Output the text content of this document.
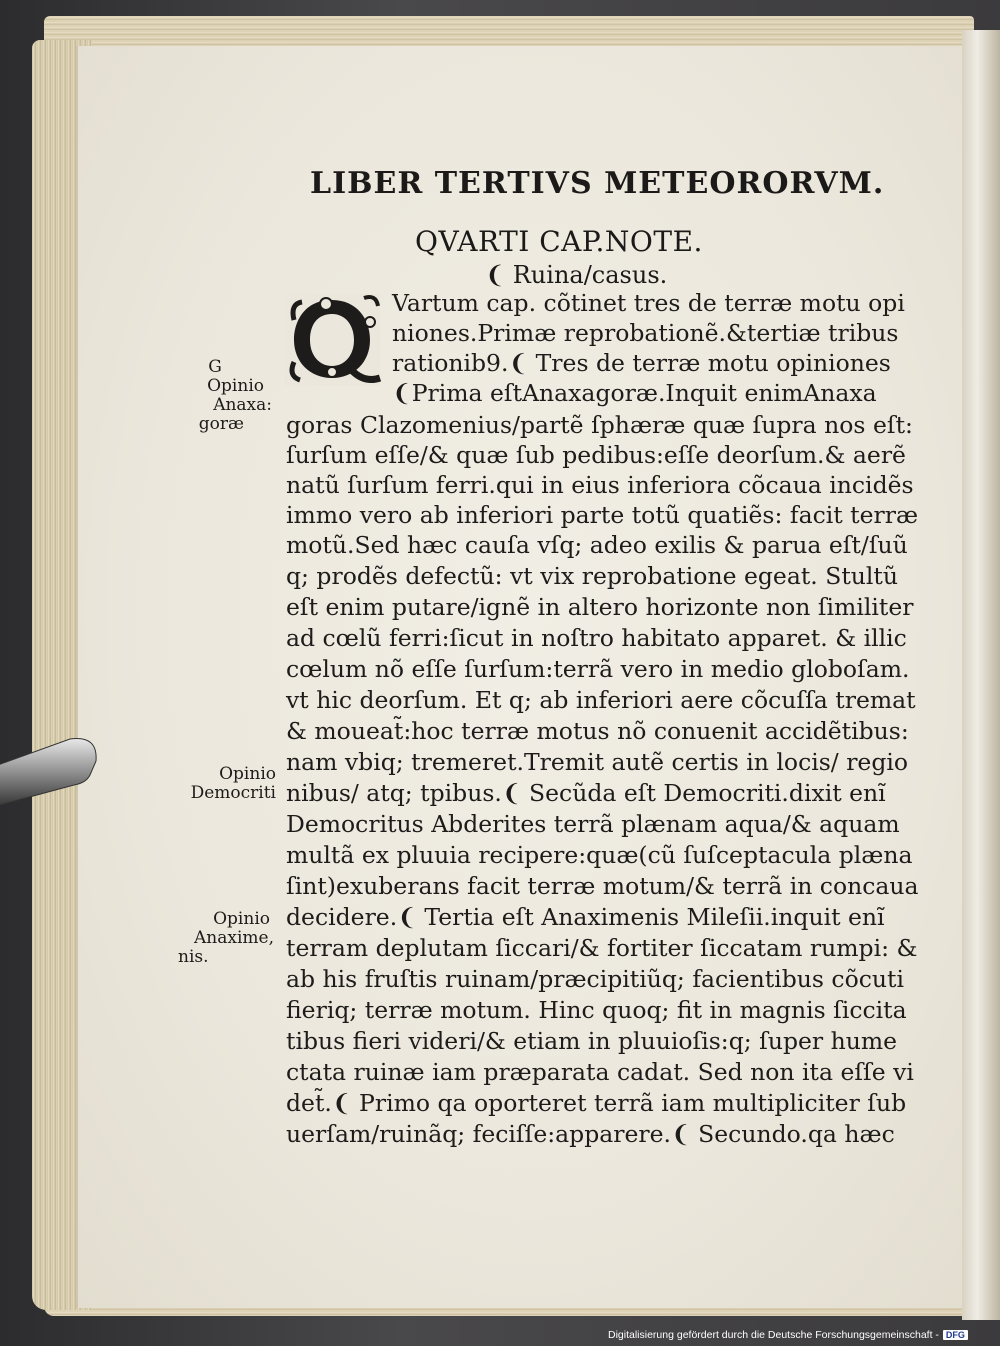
LIBER TERTIVS METEORORVM.
QVARTI CAP.NOTE.
❨ Ruina/casus.
Vartum cap. cõtinet tres de terræ motu opi
niones.Primæ reprobationẽ.&tertiæ tribus
rationib9.❨ Tres de terræ motu opiniones
❨Prima eſtAnaxagoræ.Inquit enimAnaxa
goras Clazomenius/partẽ ſphæræ quæ ſupra nos eſt:
ſurſum eſſe/& quæ ſub pedibus:eſſe deorſum.& aerẽ
natũ ſurſum ferri.qui in eius inferiora cõcaua incidẽs
immo vero ab inferiori parte totũ quatiẽs: facit terræ
motũ.Sed hæc cauſa vſq; adeo exilis & parua eſt/ſuũ
q; prodẽs defectũ: vt vix reprobatione egeat. Stultũ
eſt enim putare/ignẽ in altero horizonte non ſimiliter
ad cœlũ ferri:ſicut in noſtro habitato apparet. & illic
cœlum nõ eſſe ſurſum:terrã vero in medio globoſam.
vt hic deorſum. Et q; ab inferiori aere cõcuſſa tremat
& moueat̃:hoc terræ motus nõ conuenit accidẽtibus:
nam vbiq; tremeret.Tremit autẽ certis in locis/ regio
nibus/ atq; tpibus.❨ Secũda eſt Democriti.dixit enĩ
Democritus Abderites terrã plænam aqua/& aquam
multã ex pluuia recipere:quæ(cũ ſuſceptacula plæna
ſint)exuberans facit terræ motum/& terrã in concaua
decidere.❨ Tertia eſt Anaximenis Mileſii.inquit enĩ
terram deplutam ſiccari/& fortiter ſiccatam rumpi: &
ab his fruſtis ruinam/præcipitiũq; facientibus cõcuti
fieriq; terræ motum. Hinc quoq; fit in magnis ſiccita
tibus fieri videri/& etiam in pluuioſis:q; ſuper hume
ctata ruinæ iam præparata cadat. Sed non ita eſſe vi
det̃.❨ Primo qa oporteret terrã iam multipliciter ſub
uerſam/ruinãq; feciſſe:apparere.❨ Secundo.qa hæc
G
Opinio
Anaxa:
goræ
Opinio
Democriti
Opinio
Anaxime,
nis.
Digitalisierung gefördert durch die Deutsche Forschungsgemeinschaft - DFG
